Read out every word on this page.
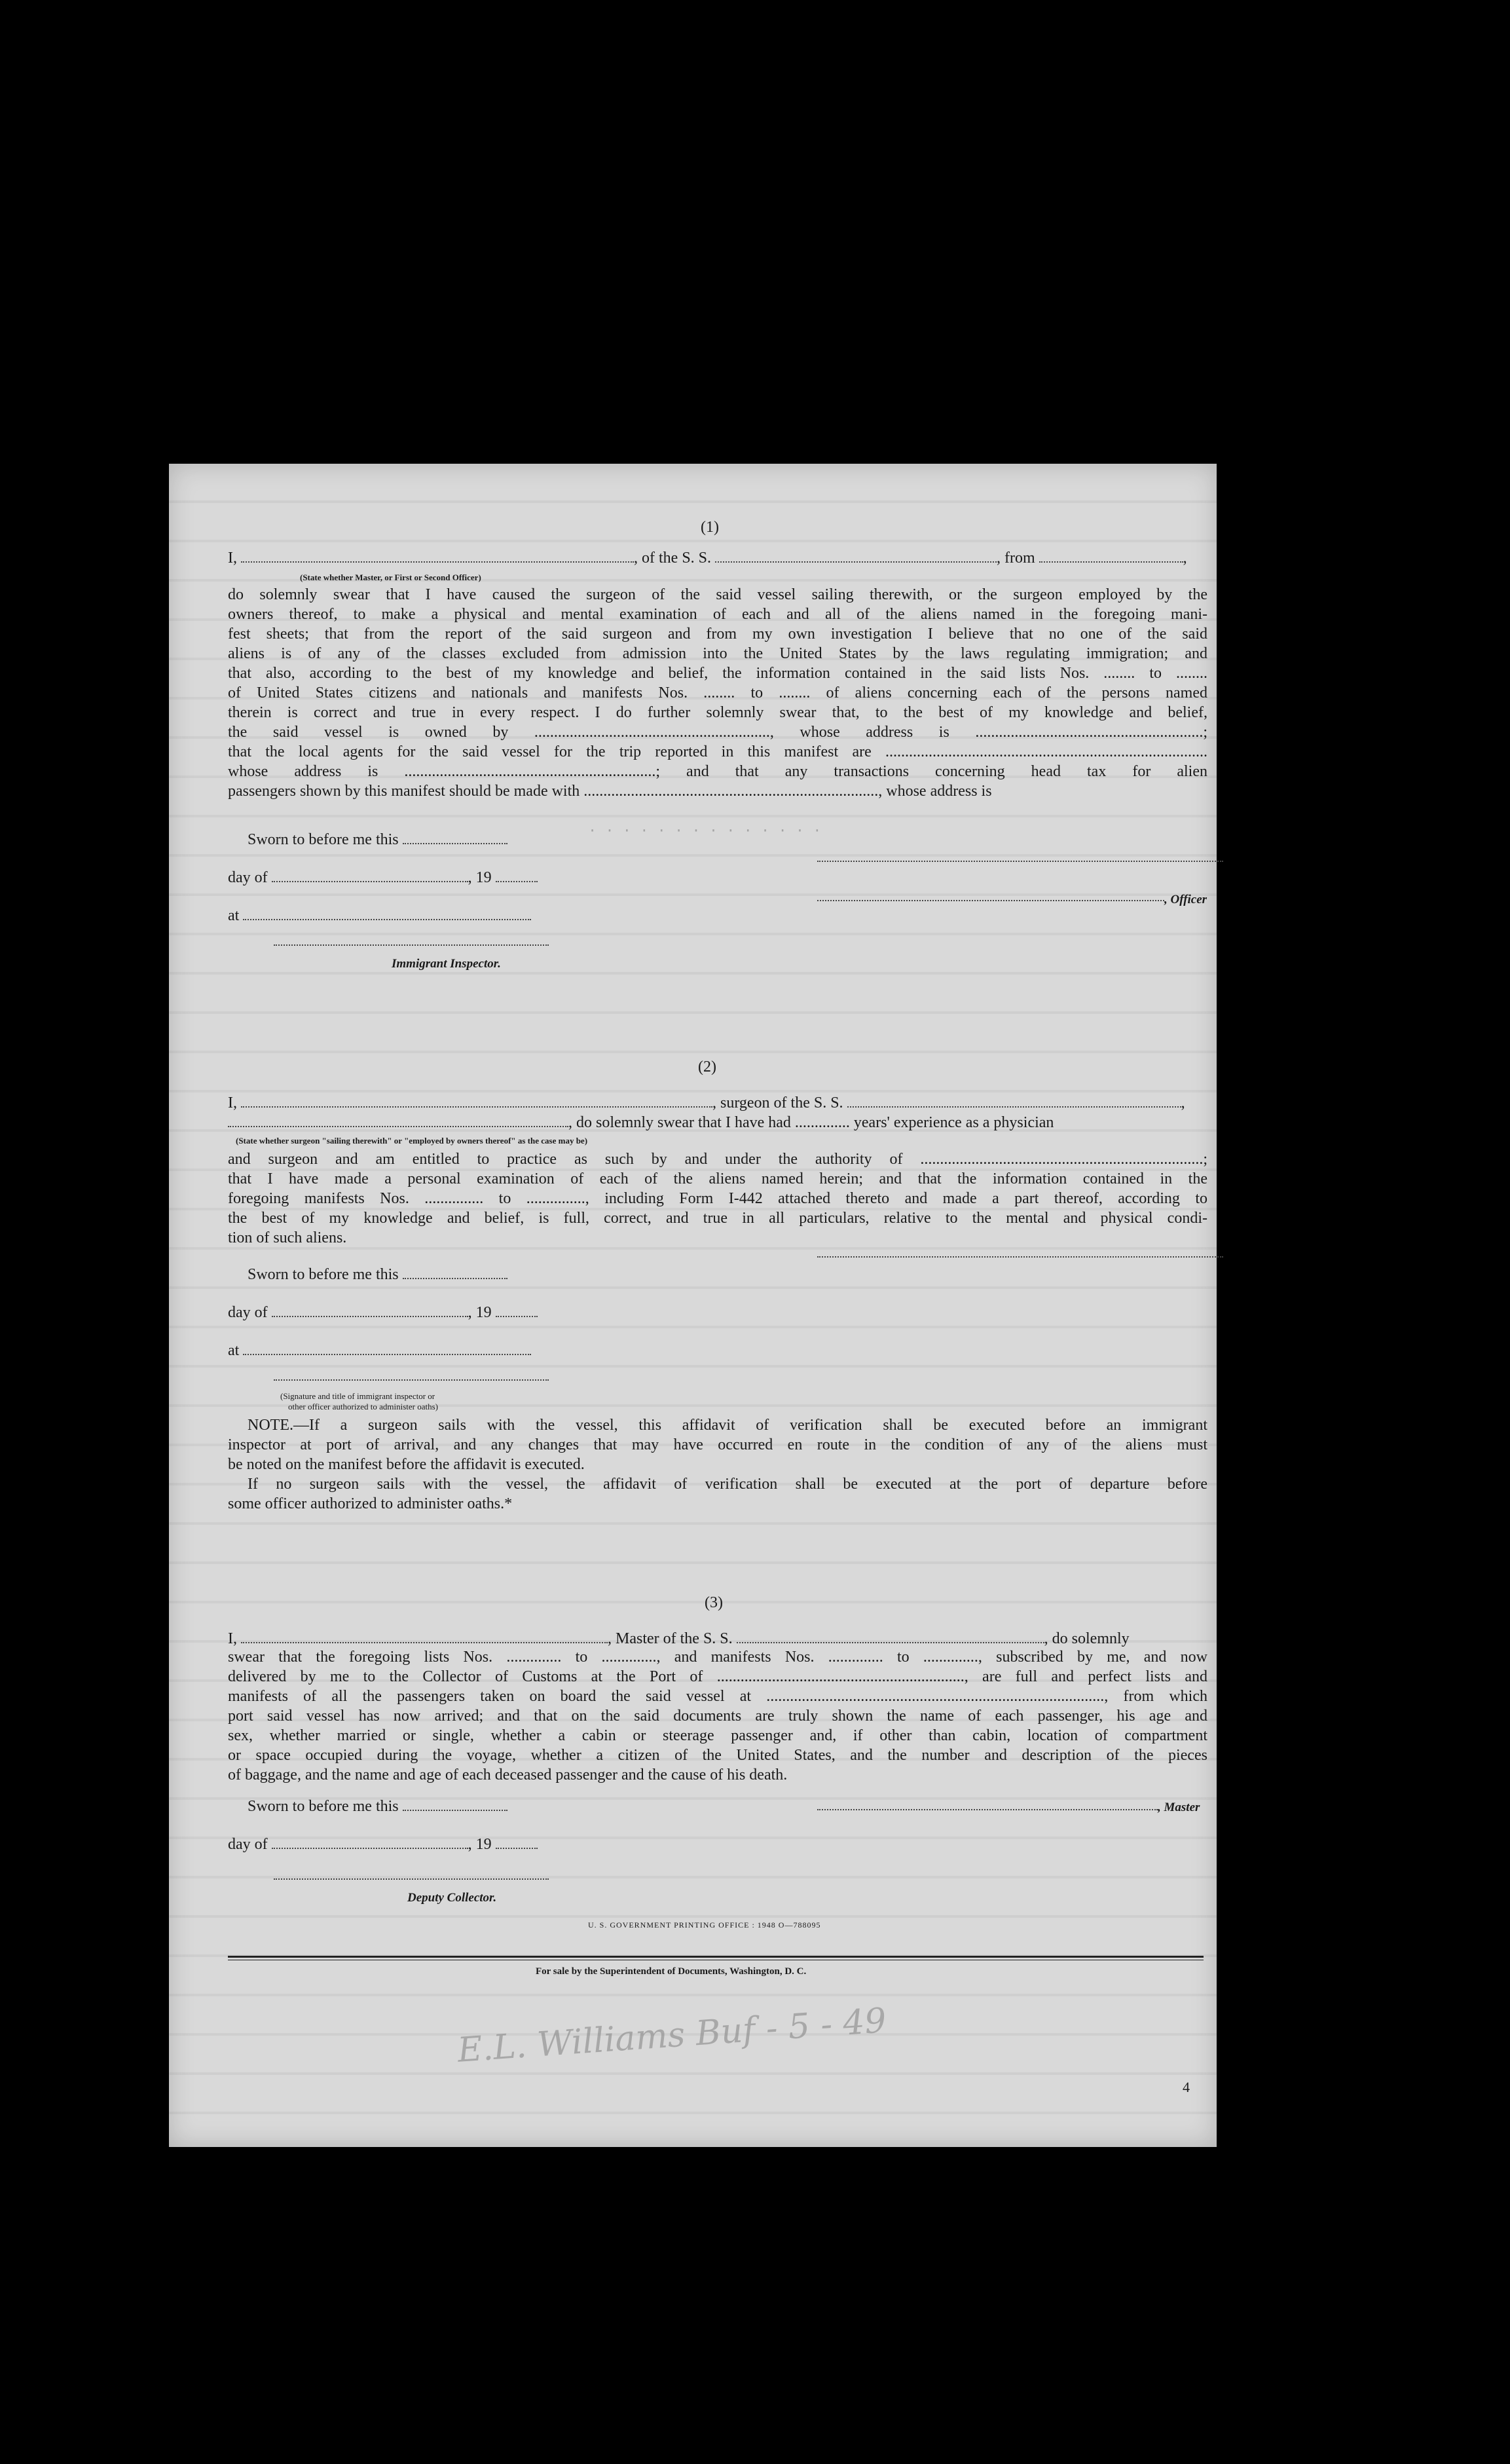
(1)
I,	, of the S. S.	, from	,
(State whether Master, or First or Second Officer)
do solemnly swear that I have caused the surgeon of the said vessel sailing therewith, or the surgeon employed by the
owners thereof, to make a physical and mental examination of each and all of the aliens named in the foregoing mani-
fest sheets; that from the report of the said surgeon and from my own investigation I believe that no one of the said
aliens is of any of the classes excluded from admission into the United States by the laws regulating immigration; and
that also, according to the best of my knowledge and belief, the information contained in the said lists Nos. ........ to ........
of United States citizens and nationals and manifests Nos. ........ to ........ of aliens concerning each of the persons named
therein is correct and true in every respect. I do further solemnly swear that, to the best of my knowledge and belief,
the said vessel is owned by ............................................................, whose address is ..........................................................;
that the local agents for the said vessel for the trip reported in this manifest are ..................................................................................
whose address is ................................................................; and that any transactions concerning head tax for alien
passengers shown by this manifest should be made with ..........................................................................., whose address is
Sworn to before me this
day of	, 19
at
Immigrant Inspector.
, Officer
(2)
I,	, surgeon of the S. S.	,
, do solemnly swear that I have had .............. years' experience as a physician
(State whether surgeon "sailing therewith" or "employed by owners thereof" as the case may be)
and surgeon and am entitled to practice as such by and under the authority of ........................................................................;
that I have made a personal examination of each of the aliens named herein; and that the information contained in the
foregoing manifests Nos. ............... to ..............., including Form I-442 attached thereto and made a part thereof, according to
the best of my knowledge and belief, is full, correct, and true in all particulars, relative to the mental and physical condi-
tion of such aliens.
Sworn to before me this
day of	, 19
at
(Signature and title of immigrant inspector or
other officer authorized to administer oaths)
NOTE.—If a surgeon sails with the vessel, this affidavit of verification shall be executed before an immigrant
inspector at port of arrival, and any changes that may have occurred en route in the condition of any of the aliens must
be noted on the manifest before the affidavit is executed.
If no surgeon sails with the vessel, the affidavit of verification shall be executed at the port of departure before
some officer authorized to administer oaths.*
(3)
I,	, Master of the S. S.	, do solemnly
swear that the foregoing lists Nos. .............. to .............., and manifests Nos. .............. to .............., subscribed by me, and now
delivered by me to the Collector of Customs at the Port of ..............................................................., are full and perfect lists and
manifests of all the passengers taken on board the said vessel at ......................................................................................, from which
port said vessel has now arrived; and that on the said documents are truly shown the name of each passenger, his age and
sex, whether married or single, whether a cabin or steerage passenger and, if other than cabin, location of compartment
or space occupied during the voyage, whether a citizen of the United States, and the number and description of the pieces
of baggage, and the name and age of each deceased passenger and the cause of his death.
Sworn to before me this
day of	, 19
, Master
Deputy Collector.
U. S. GOVERNMENT PRINTING OFFICE : 1948 O—788095
For sale by the Superintendent of Documents, Washington, D. C.
E.L. Williams Buf - 5 - 49
· · · · · · · · · · · · · ·
4
